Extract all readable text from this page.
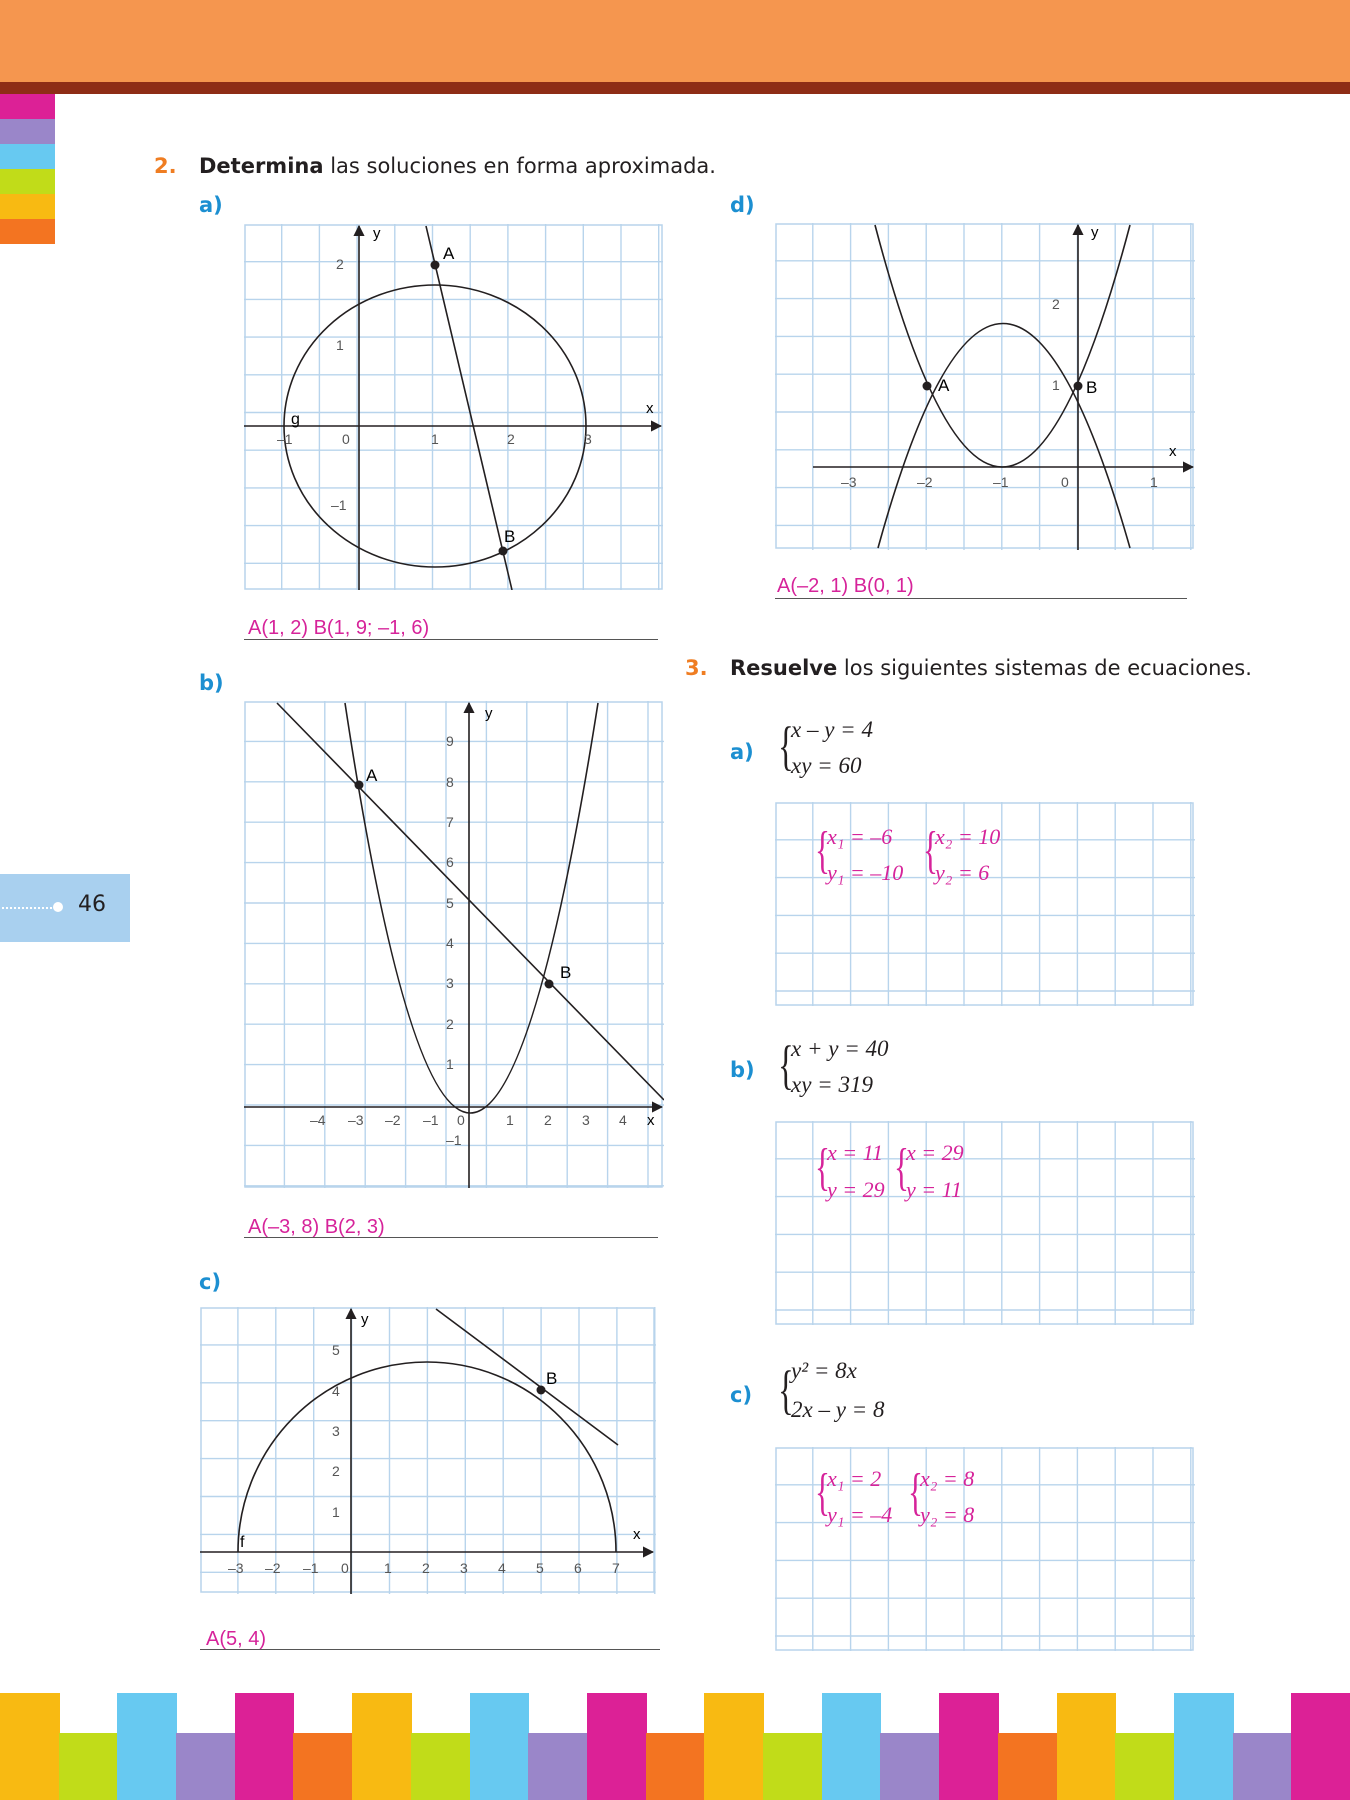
46
2. Determina las soluciones en forma aproximada.
a)
A
B
g
x
y
–1	0	1	2	3
2
1
–1
A(1, 2) B(1, 9; –1, 6)
b)
A
B
x
y
–4 –3 –2 –1 0	1 2 3 4
9
8
7
6
5
4
3
2
1
–1
A(–3, 8) B(2, 3)
c)
B
f	x
y
–3 –2 –1 0	1 2 3 4 5 6 7
5
4
3
2
1
A(5, 4)
d)
A	B
x
y
–3	–2	–1	0	1
2
1
A(–2, 1) B(0, 1)
3. Resuelve los siguientes sistemas de ecuaciones.
a) {
x – y = 4
xy = 60
{
x₁ = –6
y₁ = –10 {
x₂ = 10
y₂ = 6
b) {
x + y = 40
xy = 319
{
x = 11
y = 29 {
x = 29
y = 11
c) {
y² = 8x
2x – y = 8
{
x₁ = 2
y₁ = –4 {
x₂ = 8
y₂ = 8
